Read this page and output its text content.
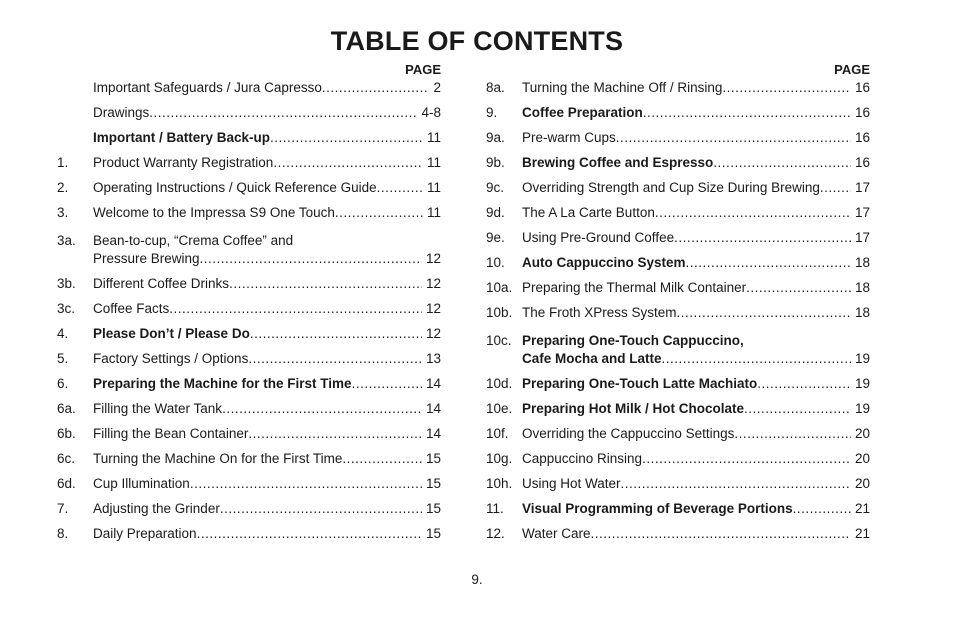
TABLE OF CONTENTS
PAGE
Important Safeguards / Jura Capresso .....	2
Drawings .....	4-8
Important / Battery Back-up .....	11
1. Product Warranty Registration .....	11
2. Operating Instructions / Quick Reference Guide .....	11
3. Welcome to the Impressa S9 One Touch .....	11
3a. Bean-to-cup, “Crema Coffee” and
Pressure Brewing .....	12
3b. Different Coffee Drinks .....	12
3c. Coffee Facts .....	12
4. Please Don’t / Please Do .....	12
5. Factory Settings / Options .....	13
6. Preparing the Machine for the First Time .....	14
6a. Filling the Water Tank .....	14
6b. Filling the Bean Container .....	14
6c. Turning the Machine On for the First Time .....	15
6d. Cup Illumination .....	15
7. Adjusting the Grinder .....	15
8. Daily Preparation .....	15
PAGE
8a. Turning the Machine Off / Rinsing .....	16
9. Coffee Preparation .....	16
9a. Pre-warm Cups .....	16
9b. Brewing Coffee and Espresso .....	16
9c. Overriding Strength and Cup Size During Brewing .....	17
9d. The A La Carte Button .....	17
9e. Using Pre-Ground Coffee .....	17
10. Auto Cappuccino System .....	18
10a. Preparing the Thermal Milk Container .....	18
10b. The Froth XPress System .....	18
10c. Preparing One-Touch Cappuccino,
Cafe Mocha and Latte .....	19
10d. Preparing One-Touch Latte Machiato .....	19
10e. Preparing Hot Milk / Hot Chocolate .....	19
10f. Overriding the Cappuccino Settings .....	20
10g. Cappuccino Rinsing .....	20
10h. Using Hot Water .....	20
11. Visual Programming of Beverage Portions .....	21
12. Water Care .....	21
9.
